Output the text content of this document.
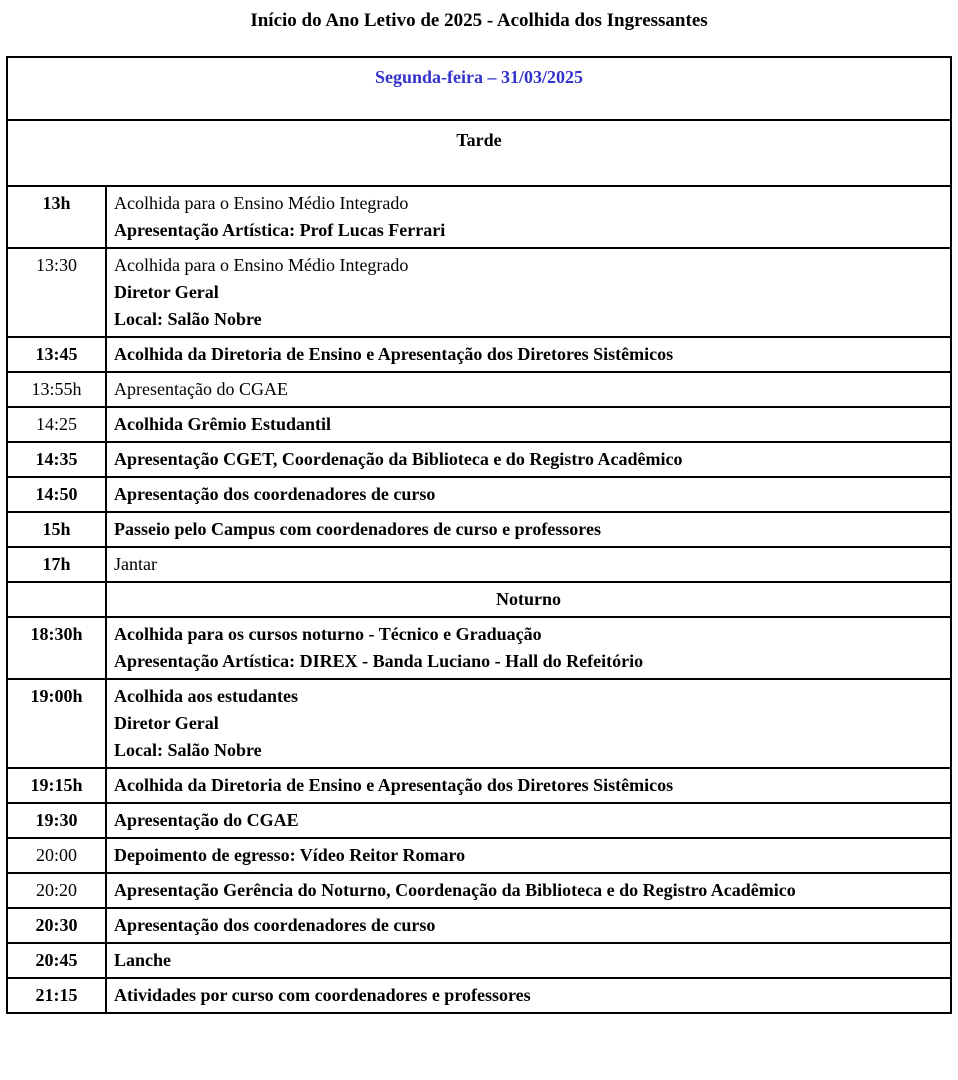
Início do Ano Letivo de 2025 - Acolhida dos Ingressantes
Segunda-feira – 31/03/2025	
Tarde	
13h	Acolhida para o Ensino Médio Integrado
Apresentação Artística: Prof Lucas Ferrari

13:30	Acolhida para o Ensino Médio Integrado
Diretor Geral
Local: Salão Nobre

13:45	Acolhida da Diretoria de Ensino e Apresentação dos Diretores Sistêmicos

13:55h	Apresentação do CGAE

14:25	Acolhida Grêmio Estudantil

14:35	Apresentação CGET, Coordenação da Biblioteca e do Registro Acadêmico

14:50	Apresentação dos coordenadores de curso

15h	Passeio pelo Campus com coordenadores de curso e professores

17h	Jantar

	Noturno
18:30h	Acolhida para os cursos noturno - Técnico e Graduação
Apresentação Artística: DIREX - Banda Luciano - Hall do Refeitório

19:00h	Acolhida aos estudantes
Diretor Geral
Local: Salão Nobre

19:15h	Acolhida da Diretoria de Ensino e Apresentação dos Diretores Sistêmicos

19:30	Apresentação do CGAE

20:00	Depoimento de egresso: Vídeo Reitor Romaro

20:20	Apresentação Gerência do Noturno, Coordenação da Biblioteca e do Registro Acadêmico

20:30	Apresentação dos coordenadores de curso

20:45	Lanche

21:15	Atividades por curso com coordenadores e professores
